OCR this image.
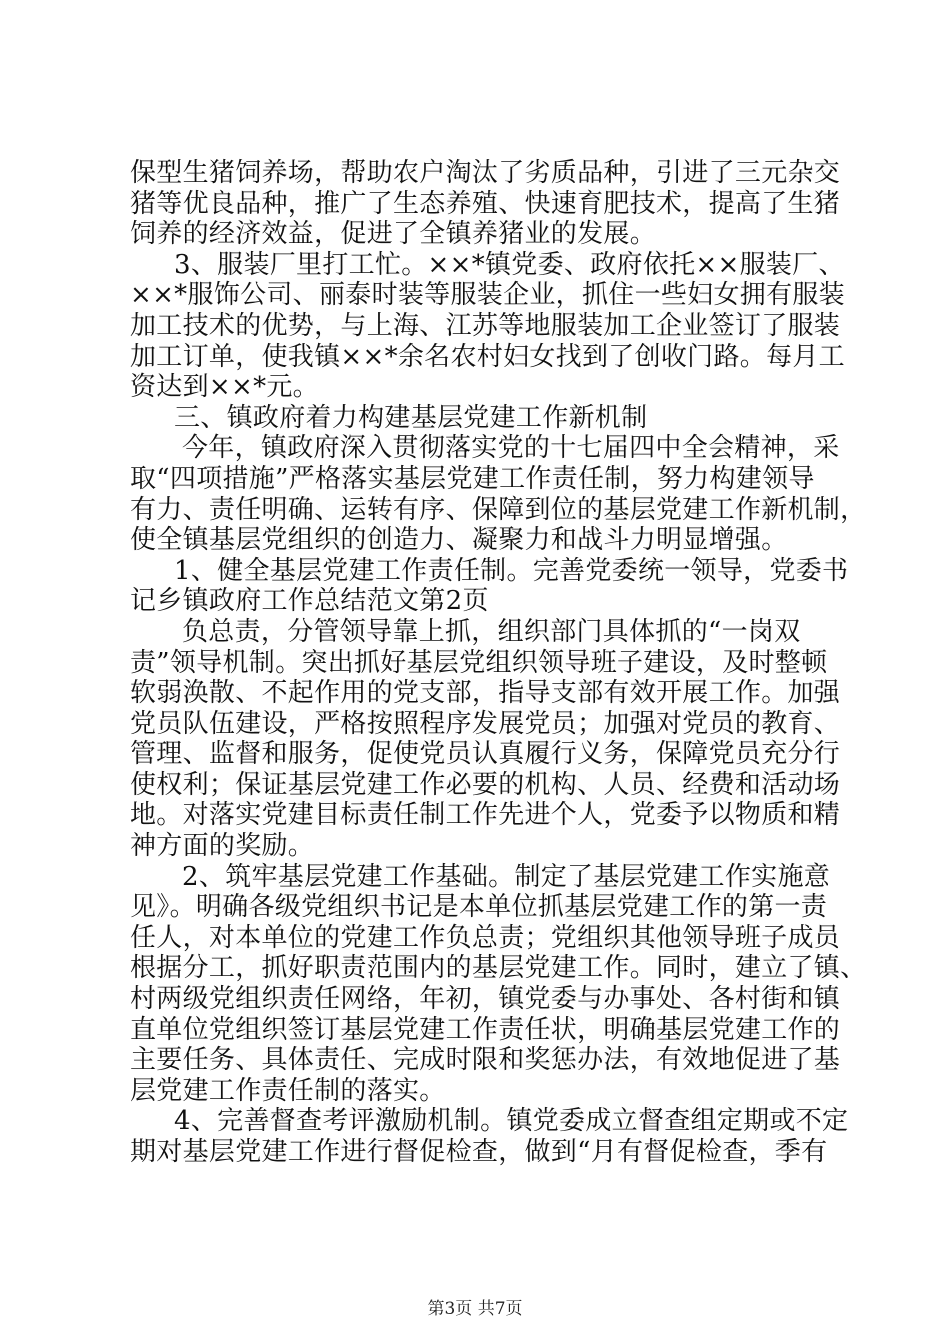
保型生猪饲养场，帮助农户淘汰了劣质品种，引进了三元杂交
猪等优良品种，推广了生态养殖、快速育肥技术，提高了生猪
饲养的经济效益，促进了全镇养猪业的发展。
3、服装厂里打工忙。××*镇党委、政府依托××服装厂、
××*服饰公司、丽泰时装等服装企业，抓住一些妇女拥有服装
加工技术的优势，与上海、江苏等地服装加工企业签订了服装
加工订单，使我镇××*余名农村妇女找到了创收门路。每月工
资达到××*元。
三、镇政府着力构建基层党建工作新机制
今年，镇政府深入贯彻落实党的十七届四中全会精神，采
取“四项措施”严格落实基层党建工作责任制，努力构建领导
有力、责任明确、运转有序、保障到位的基层党建工作新机制，
使全镇基层党组织的创造力、凝聚力和战斗力明显增强。
1、健全基层党建工作责任制。完善党委统一领导，党委书
记乡镇政府工作总结范文第2页
负总责，分管领导靠上抓，组织部门具体抓的“一岗双
责”领导机制。突出抓好基层党组织领导班子建设，及时整顿
软弱涣散、不起作用的党支部，指导支部有效开展工作。加强
党员队伍建设，严格按照程序发展党员；加强对党员的教育、
管理、监督和服务，促使党员认真履行义务，保障党员充分行
使权利；保证基层党建工作必要的机构、人员、经费和活动场
地。对落实党建目标责任制工作先进个人，党委予以物质和精
神方面的奖励。
2、筑牢基层党建工作基础。制定了基层党建工作实施意
见》。明确各级党组织书记是本单位抓基层党建工作的第一责
任人，对本单位的党建工作负总责；党组织其他领导班子成员
根据分工，抓好职责范围内的基层党建工作。同时，建立了镇、
村两级党组织责任网络，年初，镇党委与办事处、各村街和镇
直单位党组织签订基层党建工作责任状，明确基层党建工作的
主要任务、具体责任、完成时限和奖惩办法，有效地促进了基
层党建工作责任制的落实。
4、完善督查考评激励机制。镇党委成立督查组定期或不定
期对基层党建工作进行督促检查，做到“月有督促检查，季有
第3页 共7页
